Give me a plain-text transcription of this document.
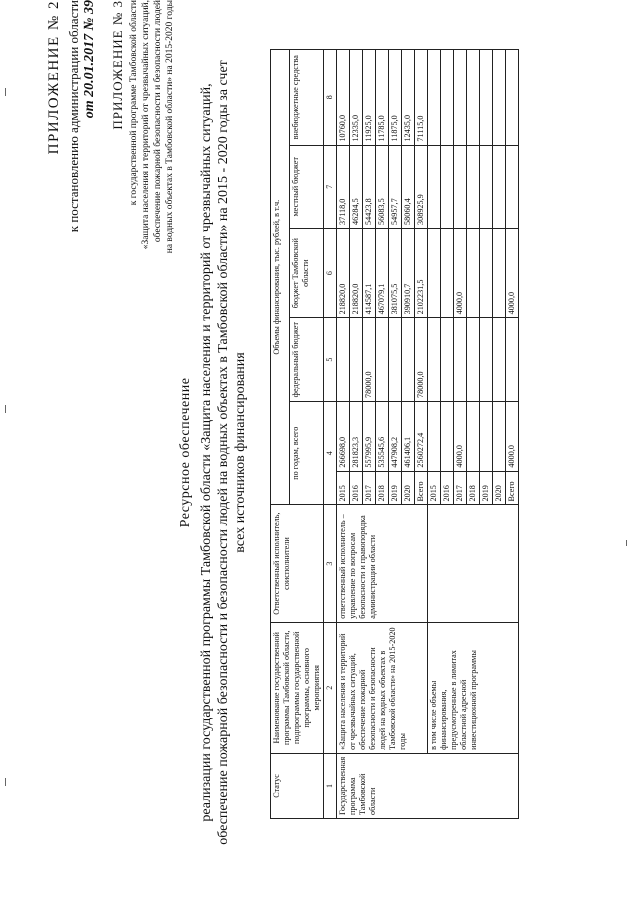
ПРИЛОЖЕНИЕ № 2 к постановлению администрации области от 20.01.2017 № 39 ПРИЛОЖЕНИЕ № 3 к государственной программе Тамбовской области «Защита населения и территорий от чрезвычайных ситуаций, обеспечение пожарной безопасности и безопасности людей на водных объектах в Тамбовской области» на 2015-2020 годы
Ресурсное обеспечение реализации государственной программы Тамбовской области «Защита населения и территорий от чрезвычайных ситуаций, обеспечение пожарной безопасности и безопасности людей на водных объектах в Тамбовской области» на 2015 - 2020 годы за счет всех источников финансирования
Статус	Наименование государственной программы Тамбовской области, подпрограммы государственной программы, основного мероприятия	Ответственный исполнитель, соисполнители	Объемы финансирования, тыс. рублей, в т.ч.					
			по годам, всего		федеральный бюджет	бюджет Тамбовской области	местный бюджет	внебюджетные средства
1	2	3	4		5	6	7	8
Государственная программа Тамбовской области	«Защита населения и территорий от чрезвычайных ситуаций, обеспечение пожарной безопасности и безопасности людей на водных объектах в Тамбовской области» на 2015-2020 годы	ответственный исполнитель – управление по вопросам безопасности и правопорядка администрации области	2015	266698,0		218820,0	37118,0	10760,0
			2016	281823,3		218820,0	46284,5	12335,0
			2017	557995,9	78000,0	414587,1	54423,8	11925,0
			2018	535545,6		467079,1	56083,5	11785,0
			2019	447908,2		381075,5	54957,7	11875,0
			2020	461406,1		390910,7	58060,4	12435,0
			Всего	2560272,4	78000,0	2102231,5	308925,9	71115,0
	в том числе объемы финансирования, предусмотренные в лимитах областной адресной инвестиционной программы		2015					
			2016					
			2017	4000,0		4000,0		
			2018					
			2019					
			2020					
			Всего	4000,0		4000,0		
